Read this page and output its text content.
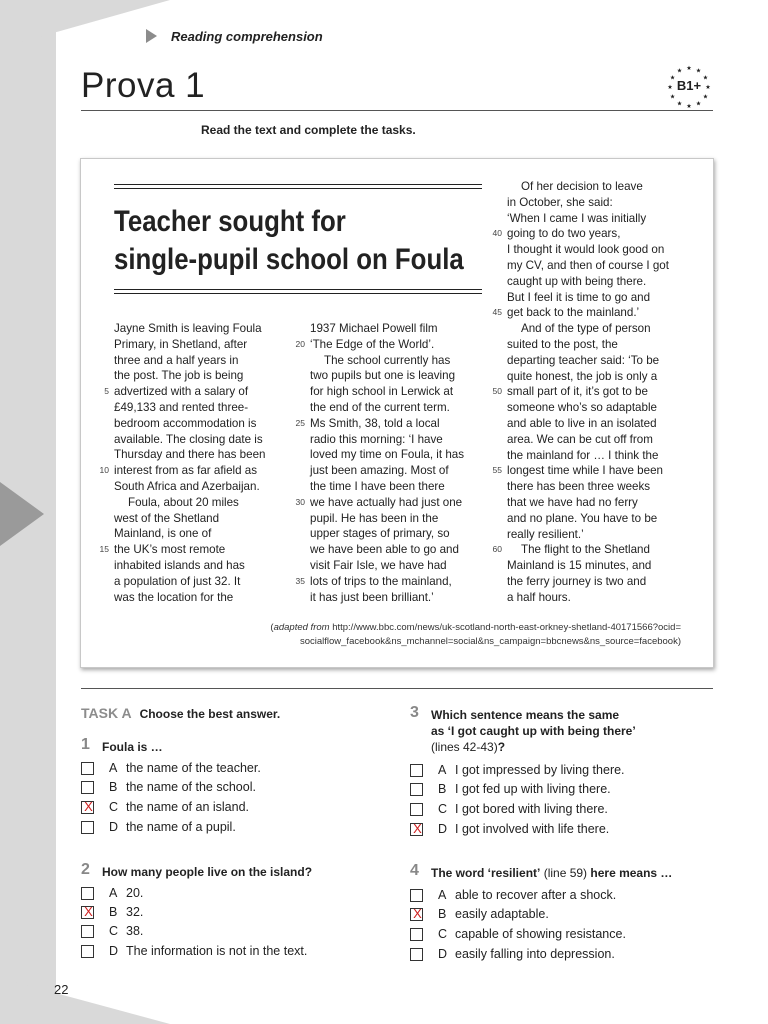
Reading comprehension
Prova 1	B1+
Read the text and complete the tasks.
Teacher sought for
single-pupil school on Foula
Jayne Smith is leaving Foula
Primary, in Shetland, after
three and a half years in
the post. The job is being
advertized with a salary of
5
£49,133 and rented three-
bedroom accommodation is
available. The closing date is
Thursday and there has been
interest from as far afield as
10
South Africa and Azerbaijan.
Foula, about 20 miles
west of the Shetland
Mainland, is one of
the UK’s most remote
15
inhabited islands and has
a population of just 32. It
was the location for the
1937 Michael Powell film
‘The Edge of the World’.
20
The school currently has
two pupils but one is leaving
for high school in Lerwick at
the end of the current term.
Ms Smith, 38, told a local
25
radio this morning: ‘I have
loved my time on Foula, it has
just been amazing. Most of
the time I have been there
we have actually had just one
30
pupil. He has been in the
upper stages of primary, so
we have been able to go and
visit Fair Isle, we have had
lots of trips to the mainland,
35
it has just been brilliant.’
Of her decision to leave
in October, she said:
‘When I came I was initially
going to do two years,
40
I thought it would look good on
my CV, and then of course I got
caught up with being there.
But I feel it is time to go and
get back to the mainland.’
45
And of the type of person
suited to the post, the
departing teacher said: ‘To be
quite honest, the job is only a
small part of it, it’s got to be
50
someone who’s so adaptable
and able to live in an isolated
area. We can be cut off from
the mainland for … I think the
longest time while I have been
55
there has been three weeks
that we have had no ferry
and no plane. You have to be
really resilient.’
The flight to the Shetland
60
Mainland is 15 minutes, and
the ferry journey is two and
a half hours.
(adapted from http://www.bbc.com/news/uk-scotland-north-east-orkney-shetland-40171566?ocid=
socialflow_facebook&ns_mchannel=social&ns_campaign=bbcnews&ns_source=facebook)
TASK A Choose the best answer.
1 Foula is …
A the name of the teacher.
B the name of the school.
X C the name of an island.
D the name of a pupil.
2 How many people live on the island?
A 20.
X B 32.
C 38.
D The information is not in the text.
3 Which sentence means the same
as ‘I got caught up with being there’
(lines 42-43)?
A I got impressed by living there.
B I got fed up with living there.
C I got bored with living there.
X D I got involved with life there.
4 The word ‘resilient’ (line 59) here means …
A able to recover after a shock.
X B easily adaptable.
C capable of showing resistance.
D easily falling into depression.
22
